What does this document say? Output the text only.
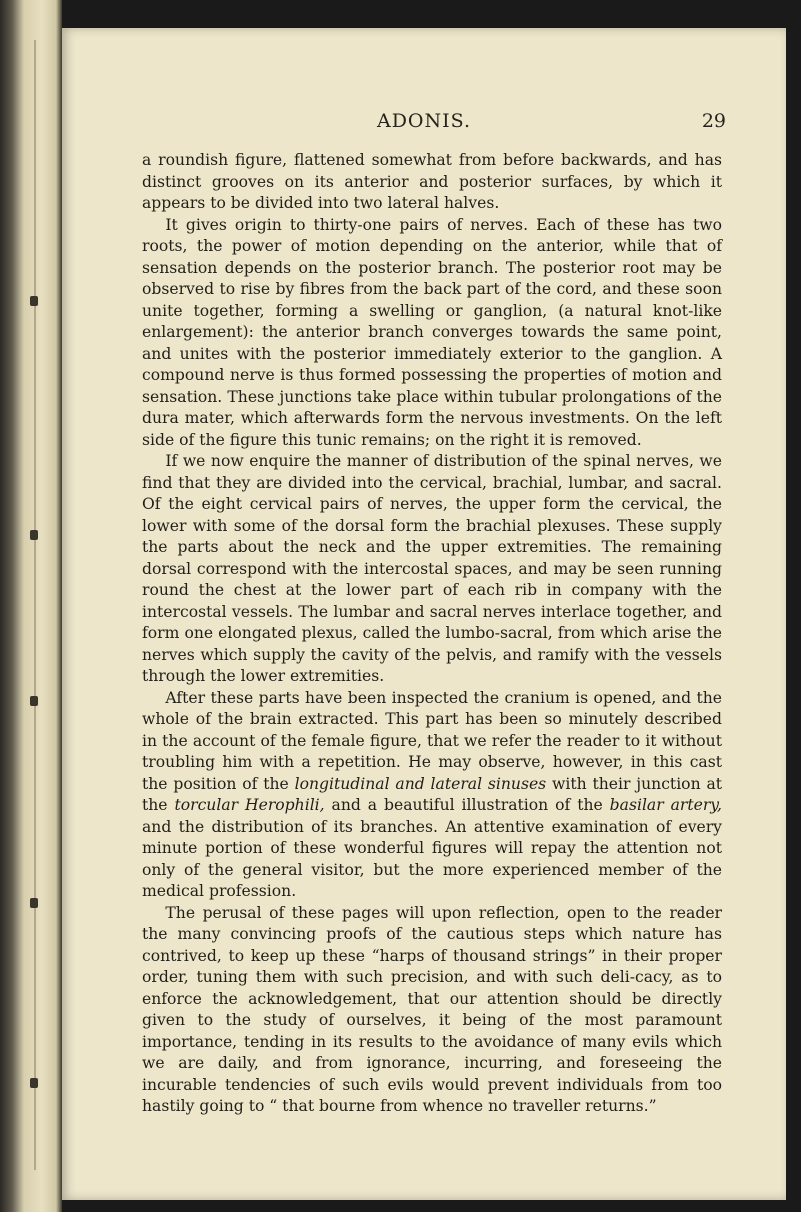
ADONIS.	29

a roundish figure, flattened somewhat from before backwards, and has distinct grooves on its anterior and posterior surfaces, by which it appears to be divided into two lateral halves.

It gives origin to thirty-one pairs of nerves. Each of these has two roots, the power of motion depending on the anterior, while that of sensation depends on the posterior branch. The posterior root may be observed to rise by fibres from the back part of the cord, and these soon unite together, forming a swelling or ganglion, (a natural knot-like enlargement): the anterior branch converges towards the same point, and unites with the posterior immediately exterior to the ganglion. A compound nerve is thus formed possessing the properties of motion and sensation. These junctions take place within tubular prolongations of the dura mater, which afterwards form the nervous investments. On the left side of the figure this tunic remains; on the right it is removed.

If we now enquire the manner of distribution of the spinal nerves, we find that they are divided into the cervical, brachial, lumbar, and sacral. Of the eight cervical pairs of nerves, the upper form the cervical, the lower with some of the dorsal form the brachial plexuses. These supply the parts about the neck and the upper extremities. The remaining dorsal correspond with the intercostal spaces, and may be seen running round the chest at the lower part of each rib in company with the intercostal vessels. The lumbar and sacral nerves interlace together, and form one elongated plexus, called the lumbo-sacral, from which arise the nerves which supply the cavity of the pelvis, and ramify with the vessels through the lower extremities.

After these parts have been inspected the cranium is opened, and the whole of the brain extracted. This part has been so minutely described in the account of the female figure, that we refer the reader to it without troubling him with a repetition. He may observe, however, in this cast the position of the longitudinal and lateral sinuses with their junction at the torcular Herophili, and a beautiful illustration of the basilar artery, and the distribution of its branches. An attentive examination of every minute portion of these wonderful figures will repay the attention not only of the general visitor, but the more experienced member of the medical profession.

The perusal of these pages will upon reflection, open to the reader the many convincing proofs of the cautious steps which nature has contrived, to keep up these “harps of thousand strings” in their proper order, tuning them with such precision, and with such deli-cacy, as to enforce the acknowledgement, that our attention should be directly given to the study of ourselves, it being of the most paramount importance, tending in its results to the avoidance of many evils which we are daily, and from ignorance, incurring, and foreseeing the incurable tendencies of such evils would prevent individuals from too hastily going to “ that bourne from whence no traveller returns.”
